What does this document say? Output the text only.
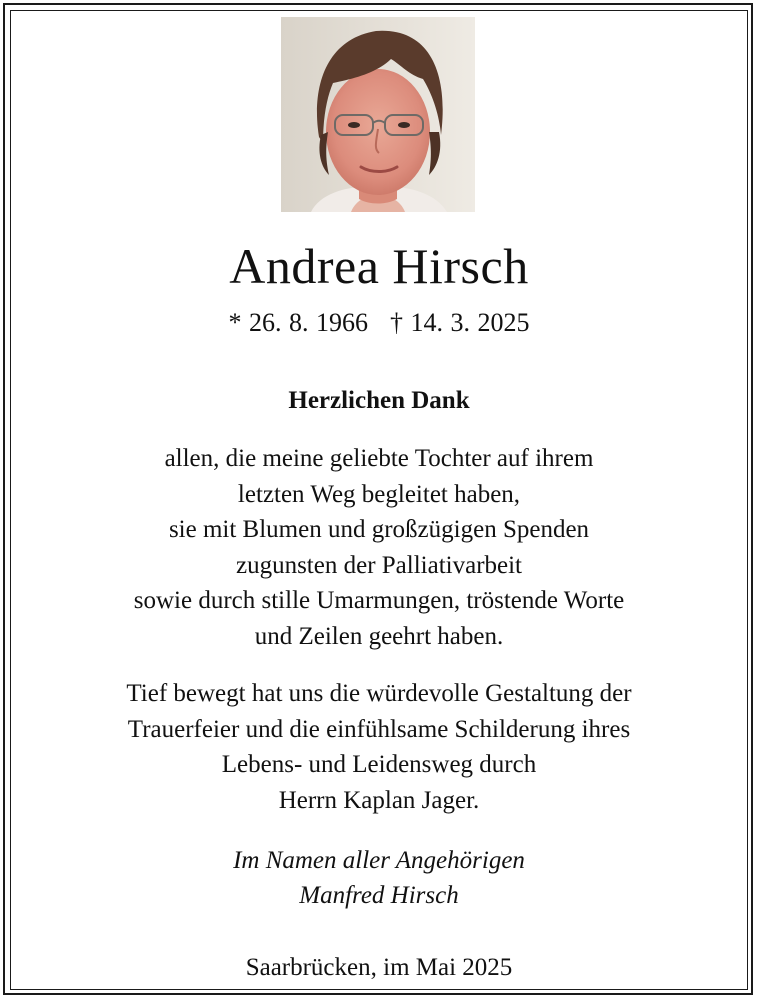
Andrea Hirsch
* 26. 8. 1966 † 14. 3. 2025
Herzlichen Dank
allen, die meine geliebte Tochter auf ihrem
letzten Weg begleitet haben,
sie mit Blumen und großzügigen Spenden
zugunsten der Palliativarbeit
sowie durch stille Umarmungen, tröstende Worte
und Zeilen geehrt haben.
Tief bewegt hat uns die würdevolle Gestaltung der
Trauerfeier und die einfühlsame Schilderung ihres
Lebens- und Leidensweg durch
Herrn Kaplan Jager.
Im Namen aller Angehörigen
Manfred Hirsch
Saarbrücken, im Mai 2025
